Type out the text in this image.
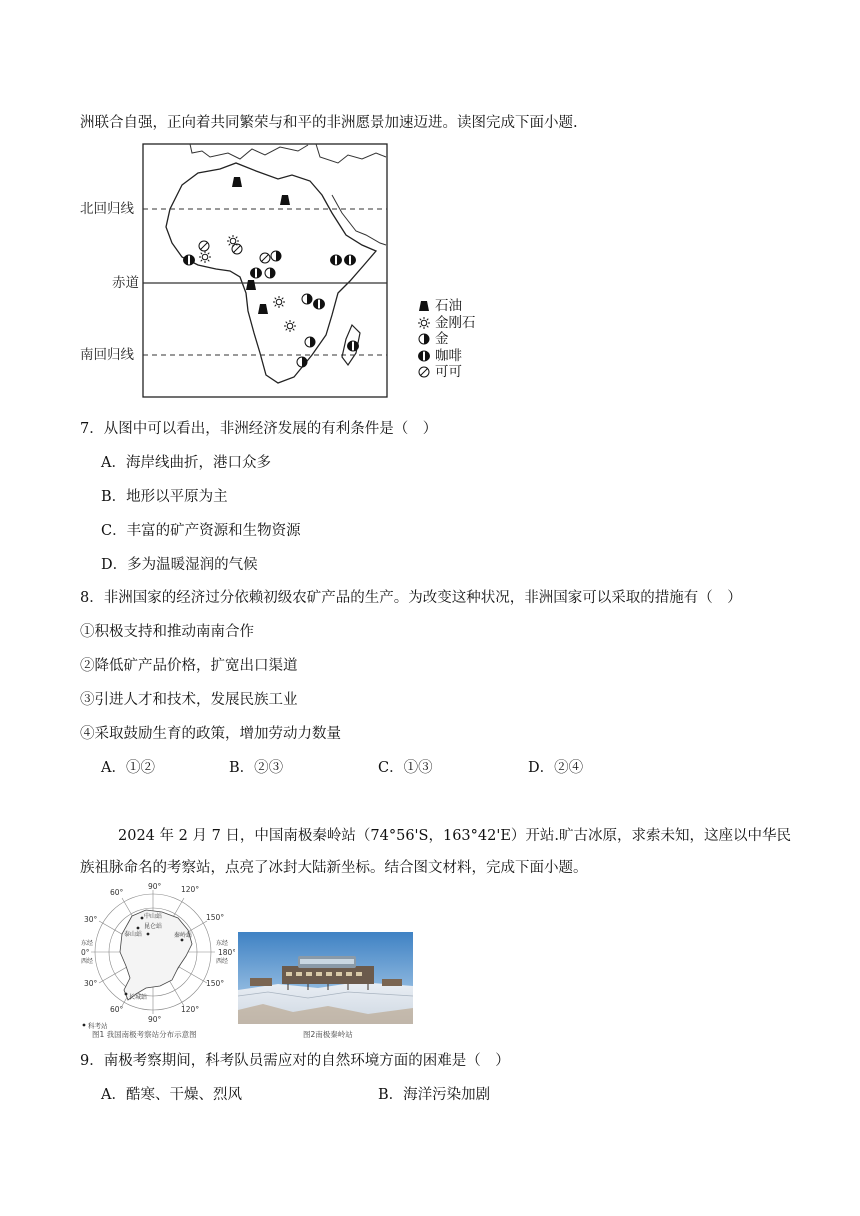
洲联合自强，正向着共同繁荣与和平的非洲愿景加速迈进。读图完成下面小题.
北回归线
赤道
南回归线
石油
金刚石
金
咖啡
可可
7．从图中可以看出，非洲经济发展的有利条件是（　）
A．海岸线曲折，港口众多
B．地形以平原为主
C．丰富的矿产资源和生物资源
D．多为温暖湿润的气候
8．非洲国家的经济过分依赖初级农矿产品的生产。为改变这种状况，非洲国家可以采取的措施有（　）
①积极支持和推动南南合作
②降低矿产品价格，扩宽出口渠道
③引进人才和技术，发展民族工业
④采取鼓励生育的政策，增加劳动力数量
A．①②	B．②③	C．①③	D．②④
2024 年 2 月 7 日，中国南极秦岭站（74°56'S，163°42'E）开站.旷古冰原，求索未知，这座以中华民
族祖脉命名的考察站，点亮了冰封大陆新坐标。结合图文材料，完成下面小题。
90°	120°
60°
150°
30°
180°
0°
30°	150°
60°	120°
90°
东经
东经
西经	西经
中山站
昆仑站
泰山站	秦岭站
长城站
科考站
图1 我国南极考察站分布示意图	图2南极秦岭站
9．南极考察期间，科考队员需应对的自然环境方面的困难是（　）
A．酷寒、干燥、烈风	B．海洋污染加剧
